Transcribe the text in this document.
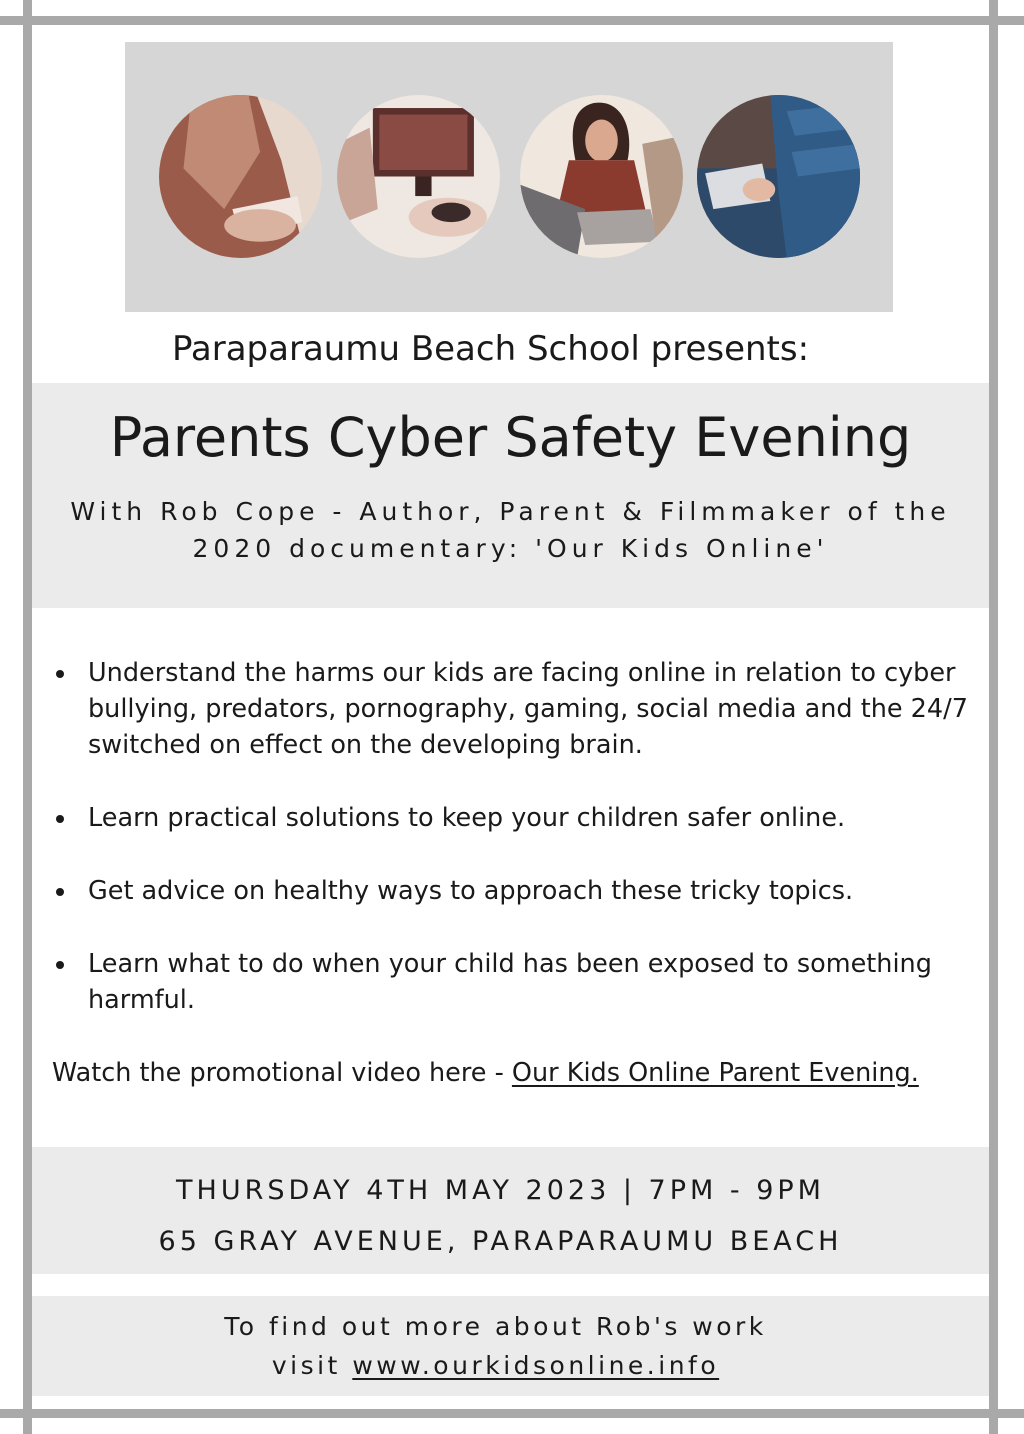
Paraparaumu Beach School presents:
Parents Cyber Safety Evening
With Rob Cope - Author, Parent & Filmmaker of the
2020 documentary: 'Our Kids Online'
Understand the harms our kids are facing online in relation to cyber bullying, predators, pornography, gaming, social media and the 24/7 switched on effect on the developing brain.
Learn practical solutions to keep your children safer online.
Get advice on healthy ways to approach these tricky topics.
Learn what to do when your child has been exposed to something harmful.
Watch the promotional video here - Our Kids Online Parent Evening.
THURSDAY 4TH MAY 2023 | 7PM - 9PM
65 GRAY AVENUE, PARAPARAUMU BEACH
To find out more about Rob's work
visit www.ourkidsonline.info
